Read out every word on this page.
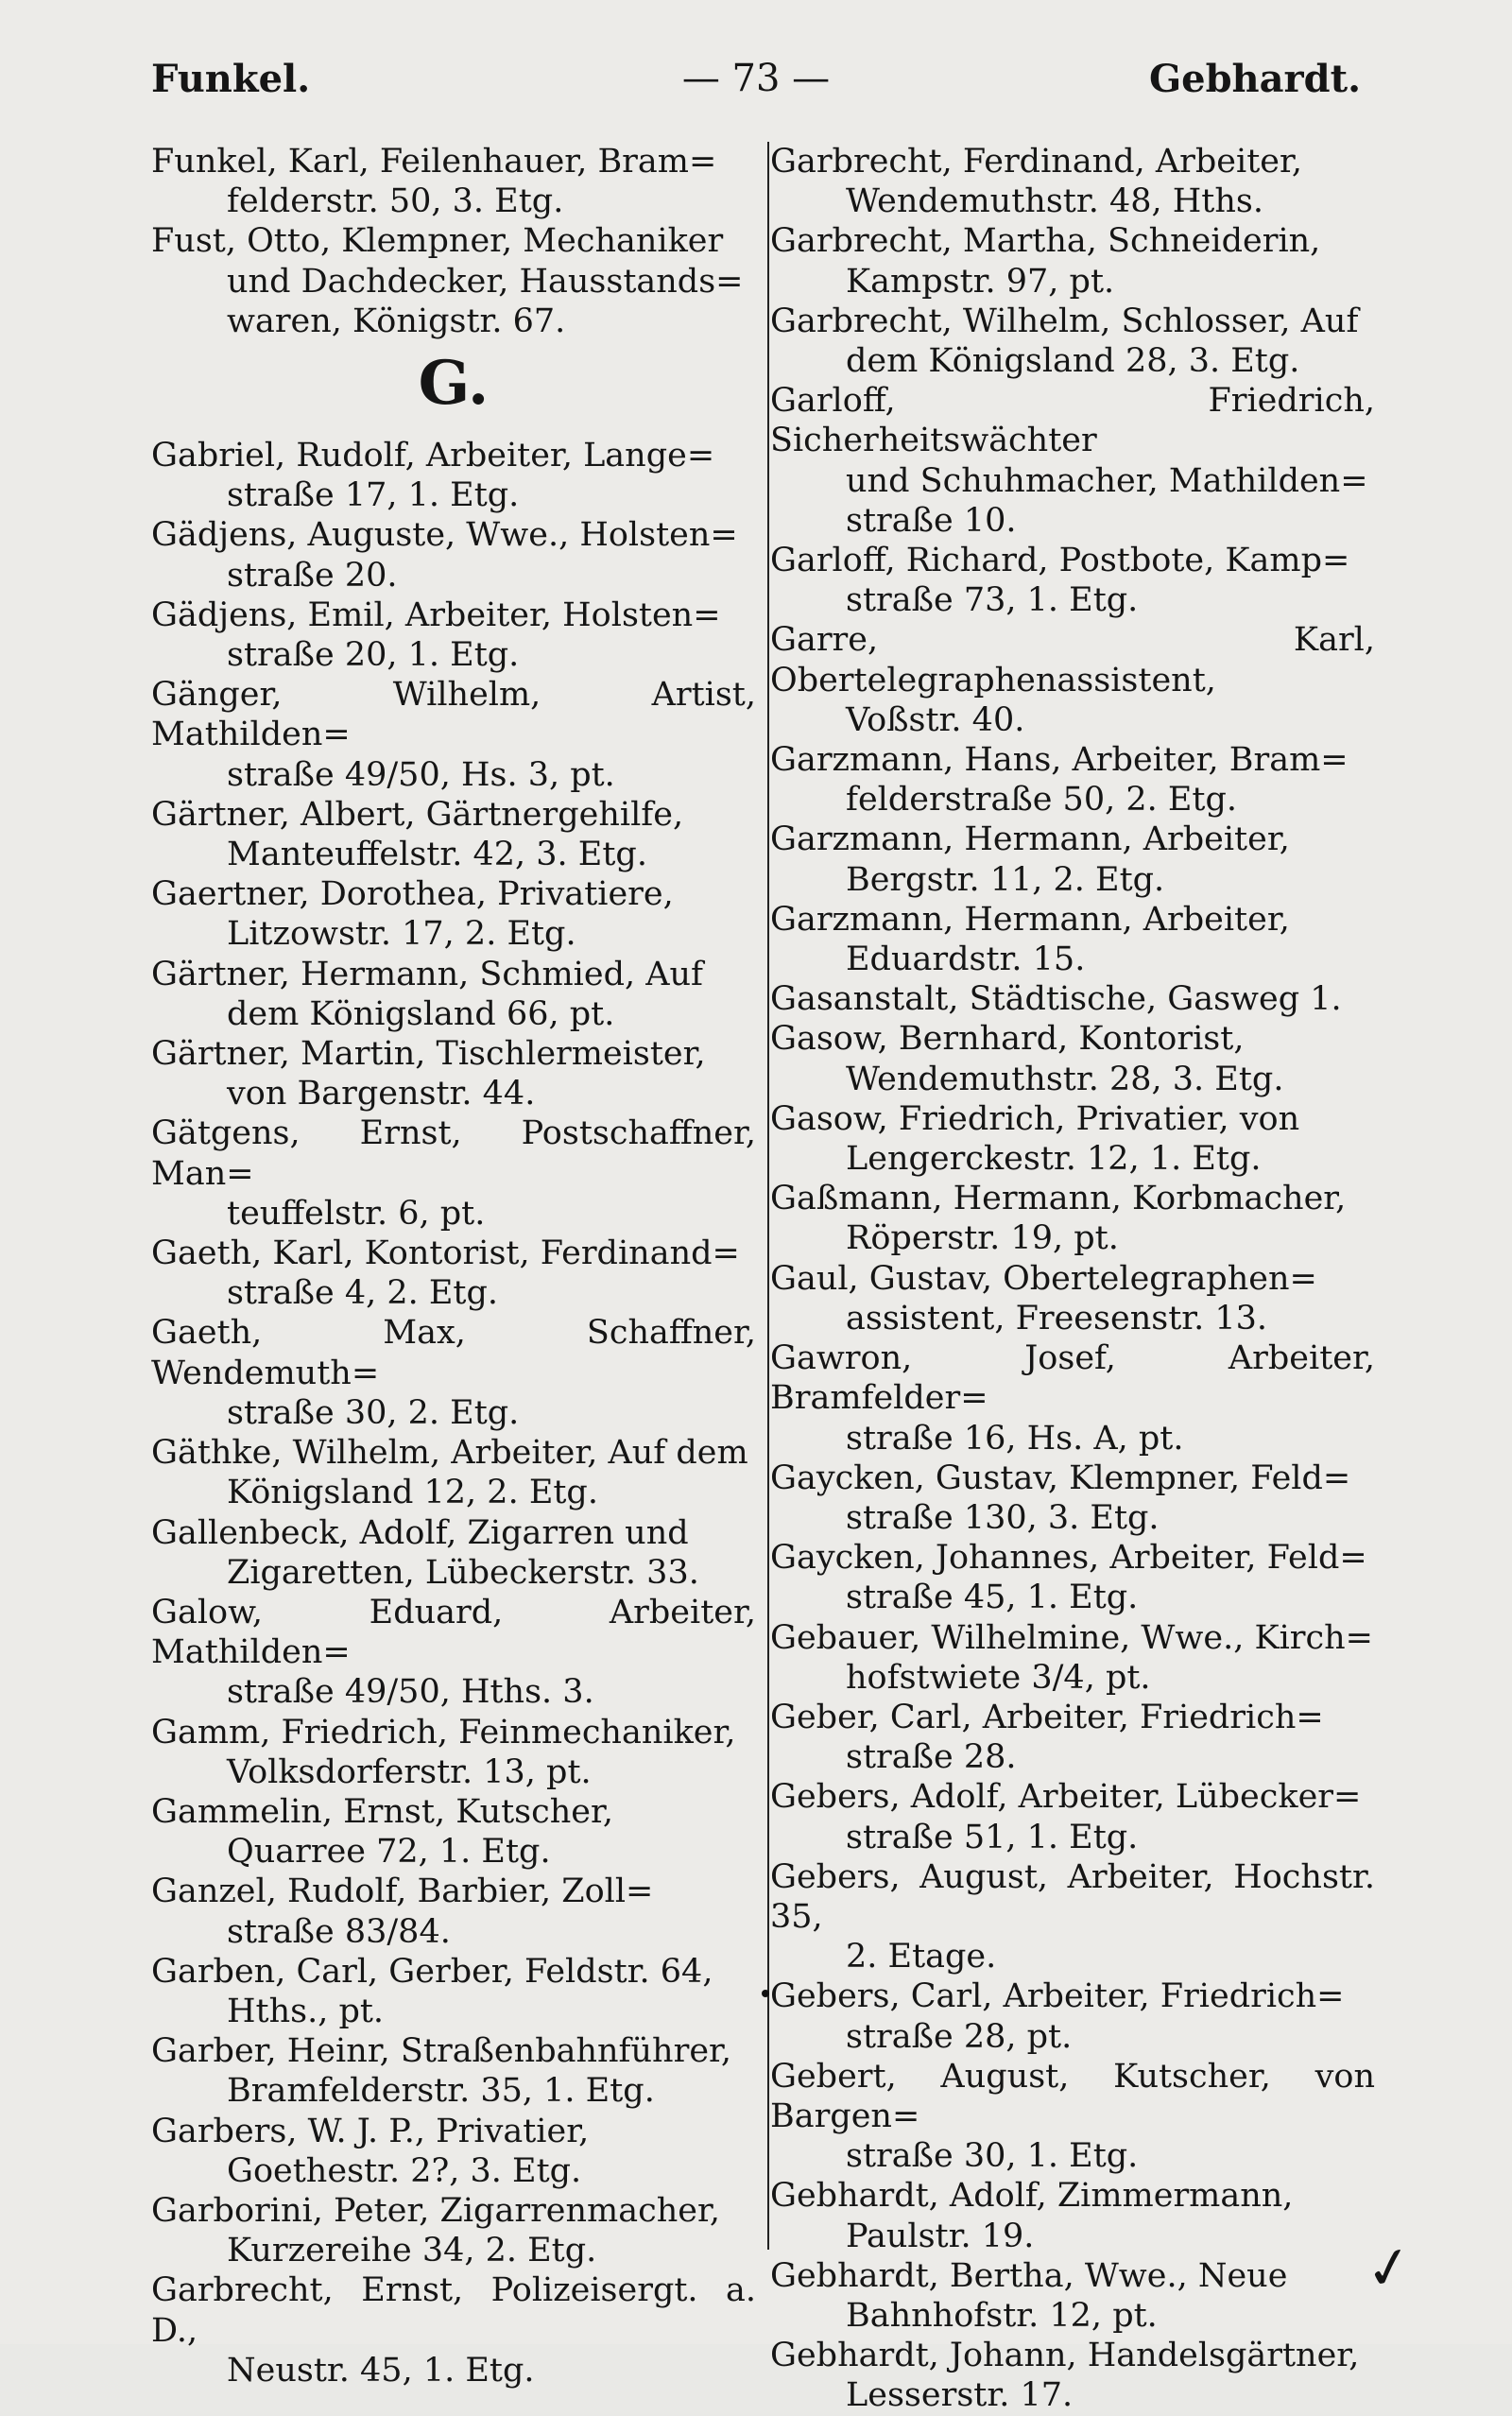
Funkel.	— 73 —	Gebhardt.
Funkel, Karl, Feilenhauer, Bram=
felderstr. 50, 3. Etg.
Fust, Otto, Klempner, Mechaniker
und Dachdecker, Hausstands=
waren, Königstr. 67.
G.
Gabriel, Rudolf, Arbeiter, Lange=
straße 17, 1. Etg.
Gädjens, Auguste, Wwe., Holsten=
straße 20.
Gädjens, Emil, Arbeiter, Holsten=
straße 20, 1. Etg.
Gänger, Wilhelm, Artist, Mathilden=
straße 49/50, Hs. 3, pt.
Gärtner, Albert, Gärtnergehilfe,
Manteuffelstr. 42, 3. Etg.
Gaertner, Dorothea, Privatiere,
Litzowstr. 17, 2. Etg.
Gärtner, Hermann, Schmied, Auf
dem Königsland 66, pt.
Gärtner, Martin, Tischlermeister,
von Bargenstr. 44.
Gätgens, Ernst, Postschaffner, Man=
teuffelstr. 6, pt.
Gaeth, Karl, Kontorist, Ferdinand=
straße 4, 2. Etg.
Gaeth, Max, Schaffner, Wendemuth=
straße 30, 2. Etg.
Gäthke, Wilhelm, Arbeiter, Auf dem
Königsland 12, 2. Etg.
Gallenbeck, Adolf, Zigarren und
Zigaretten, Lübeckerstr. 33.
Galow, Eduard, Arbeiter, Mathilden=
straße 49/50, Hths. 3.
Gamm, Friedrich, Feinmechaniker,
Volksdorferstr. 13, pt.
Gammelin, Ernst, Kutscher,
Quarree 72, 1. Etg.
Ganzel, Rudolf, Barbier, Zoll=
straße 83/84.
Garben, Carl, Gerber, Feldstr. 64,
Hths., pt.
Garber, Heinr, Straßenbahnführer,
Bramfelderstr. 35, 1. Etg.
Garbers, W. J. P., Privatier,
Goethestr. 2?, 3. Etg.
Garborini, Peter, Zigarrenmacher,
Kurzereihe 34, 2. Etg.
Garbrecht, Ernst, Polizeisergt. a. D.,
Neustr. 45, 1. Etg.
Garbrecht, Ferdinand, Arbeiter,
Wendemuthstr. 48, Hths.
Garbrecht, Martha, Schneiderin,
Kampstr. 97, pt.
Garbrecht, Wilhelm, Schlosser, Auf
dem Königsland 28, 3. Etg.
Garloff, Friedrich, Sicherheitswächter
und Schuhmacher, Mathilden=
straße 10.
Garloff, Richard, Postbote, Kamp=
straße 73, 1. Etg.
Garre, Karl, Obertelegraphenassistent,
Voßstr. 40.
Garzmann, Hans, Arbeiter, Bram=
felderstraße 50, 2. Etg.
Garzmann, Hermann, Arbeiter,
Bergstr. 11, 2. Etg.
Garzmann, Hermann, Arbeiter,
Eduardstr. 15.
Gasanstalt, Städtische, Gasweg 1.
Gasow, Bernhard, Kontorist,
Wendemuthstr. 28, 3. Etg.
Gasow, Friedrich, Privatier, von
Lengerckestr. 12, 1. Etg.
Gaßmann, Hermann, Korbmacher,
Röperstr. 19, pt.
Gaul, Gustav, Obertelegraphen=
assistent, Freesenstr. 13.
Gawron, Josef, Arbeiter, Bramfelder=
straße 16, Hs. A, pt.
Gaycken, Gustav, Klempner, Feld=
straße 130, 3. Etg.
Gaycken, Johannes, Arbeiter, Feld=
straße 45, 1. Etg.
Gebauer, Wilhelmine, Wwe., Kirch=
hofstwiete 3/4, pt.
Geber, Carl, Arbeiter, Friedrich=
straße 28.
Gebers, Adolf, Arbeiter, Lübecker=
straße 51, 1. Etg.
Gebers, August, Arbeiter, Hochstr. 35,
2. Etage.
Gebers, Carl, Arbeiter, Friedrich=
straße 28, pt.
Gebert, August, Kutscher, von Bargen=
straße 30, 1. Etg.
Gebhardt, Adolf, Zimmermann,
Paulstr. 19.
Gebhardt, Bertha, Wwe., Neue
Bahnhofstr. 12, pt.
Gebhardt, Johann, Handelsgärtner,
Lesserstr. 17.
✓
